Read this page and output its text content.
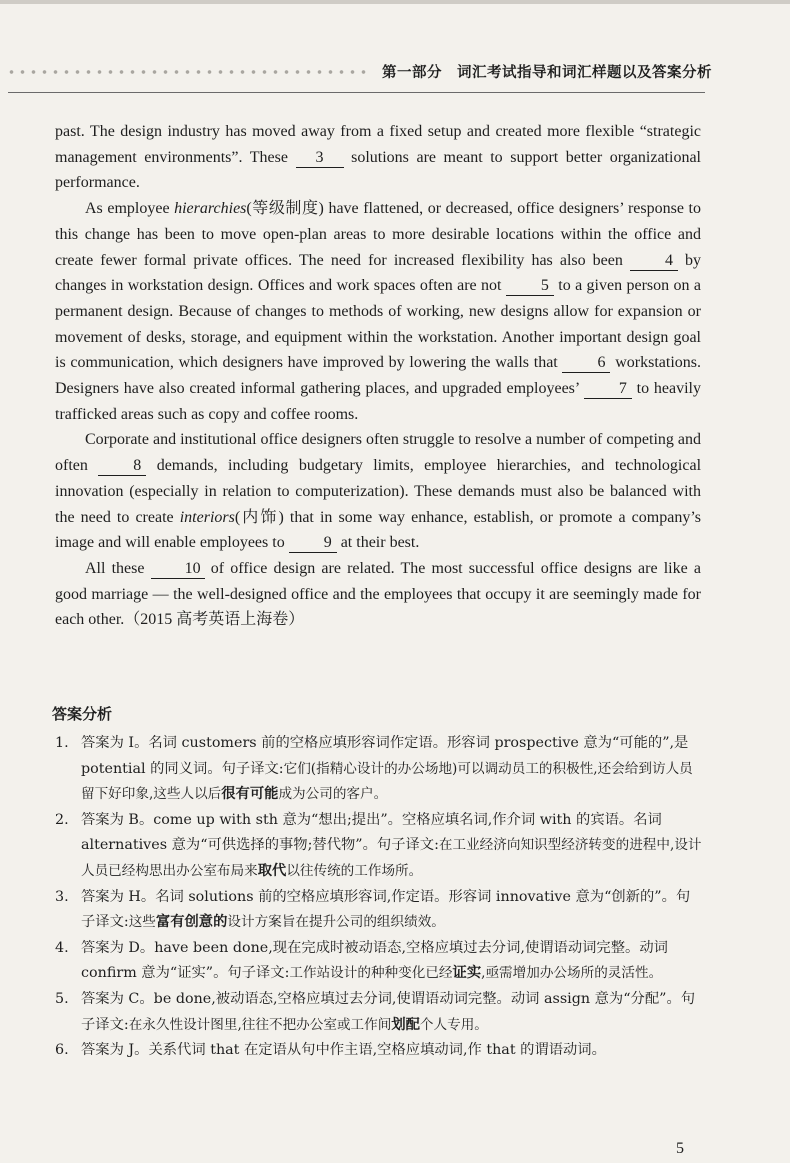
第一部分　词汇考试指导和词汇样题以及答案分析

past. The design industry has moved away from a fixed setup and created more flexible “strategic management environments”. These 3 solutions are meant to support better organizational performance.

As employee hierarchies(等级制度) have flattened, or decreased, office designers’ response to this change has been to move open-plan areas to more desirable locations within the office and create fewer formal private offices. The need for increased flexibility has also been 4 by changes in workstation design. Offices and work spaces often are not 5 to a given person on a permanent design. Because of changes to methods of working, new designs allow for expansion or movement of desks, storage, and equipment within the workstation. Another important design goal is communication, which designers have improved by lowering the walls that 6 workstations. Designers have also created informal gathering places, and upgraded employees’ 7 to heavily trafficked areas such as copy and coffee rooms.

Corporate and institutional office designers often struggle to resolve a number of competing and often 8 demands, including budgetary limits, employee hierarchies, and technological innovation (especially in relation to computerization). These demands must also be balanced with the need to create interiors(内饰) that in some way enhance, establish, or promote a company’s image and will enable employees to 9 at their best.

All these 10 of office design are related. The most successful office designs are like a good marriage — the well-designed office and the employees that occupy it are seemingly made for each other.（2015 高考英语上海卷）

答案分析
1. 答案为 I。名词 customers 前的空格应填形容词作定语。形容词 prospective 意为“可能的”,是 potential 的同义词。句子译文:它们(指精心设计的办公场地)可以调动员工的积极性,还会给到访人员留下好印象,这些人以后很有可能成为公司的客户。
2. 答案为 B。come up with sth 意为“想出;提出”。空格应填名词,作介词 with 的宾语。名词 alternatives 意为“可供选择的事物;替代物”。句子译文:在工业经济向知识型经济转变的进程中,设计人员已经构思出办公室布局来取代以往传统的工作场所。
3. 答案为 H。名词 solutions 前的空格应填形容词,作定语。形容词 innovative 意为“创新的”。句子译文:这些富有创意的设计方案旨在提升公司的组织绩效。
4. 答案为 D。have been done,现在完成时被动语态,空格应填过去分词,使谓语动词完整。动词 confirm 意为“证实”。句子译文:工作站设计的种种变化已经证实,亟需增加办公场所的灵活性。
5. 答案为 C。be done,被动语态,空格应填过去分词,使谓语动词完整。动词 assign 意为“分配”。句子译文:在永久性设计图里,往往不把办公室或工作间划配个人专用。
6. 答案为 J。关系代词 that 在定语从句中作主语,空格应填动词,作 that 的谓语动词。
5
